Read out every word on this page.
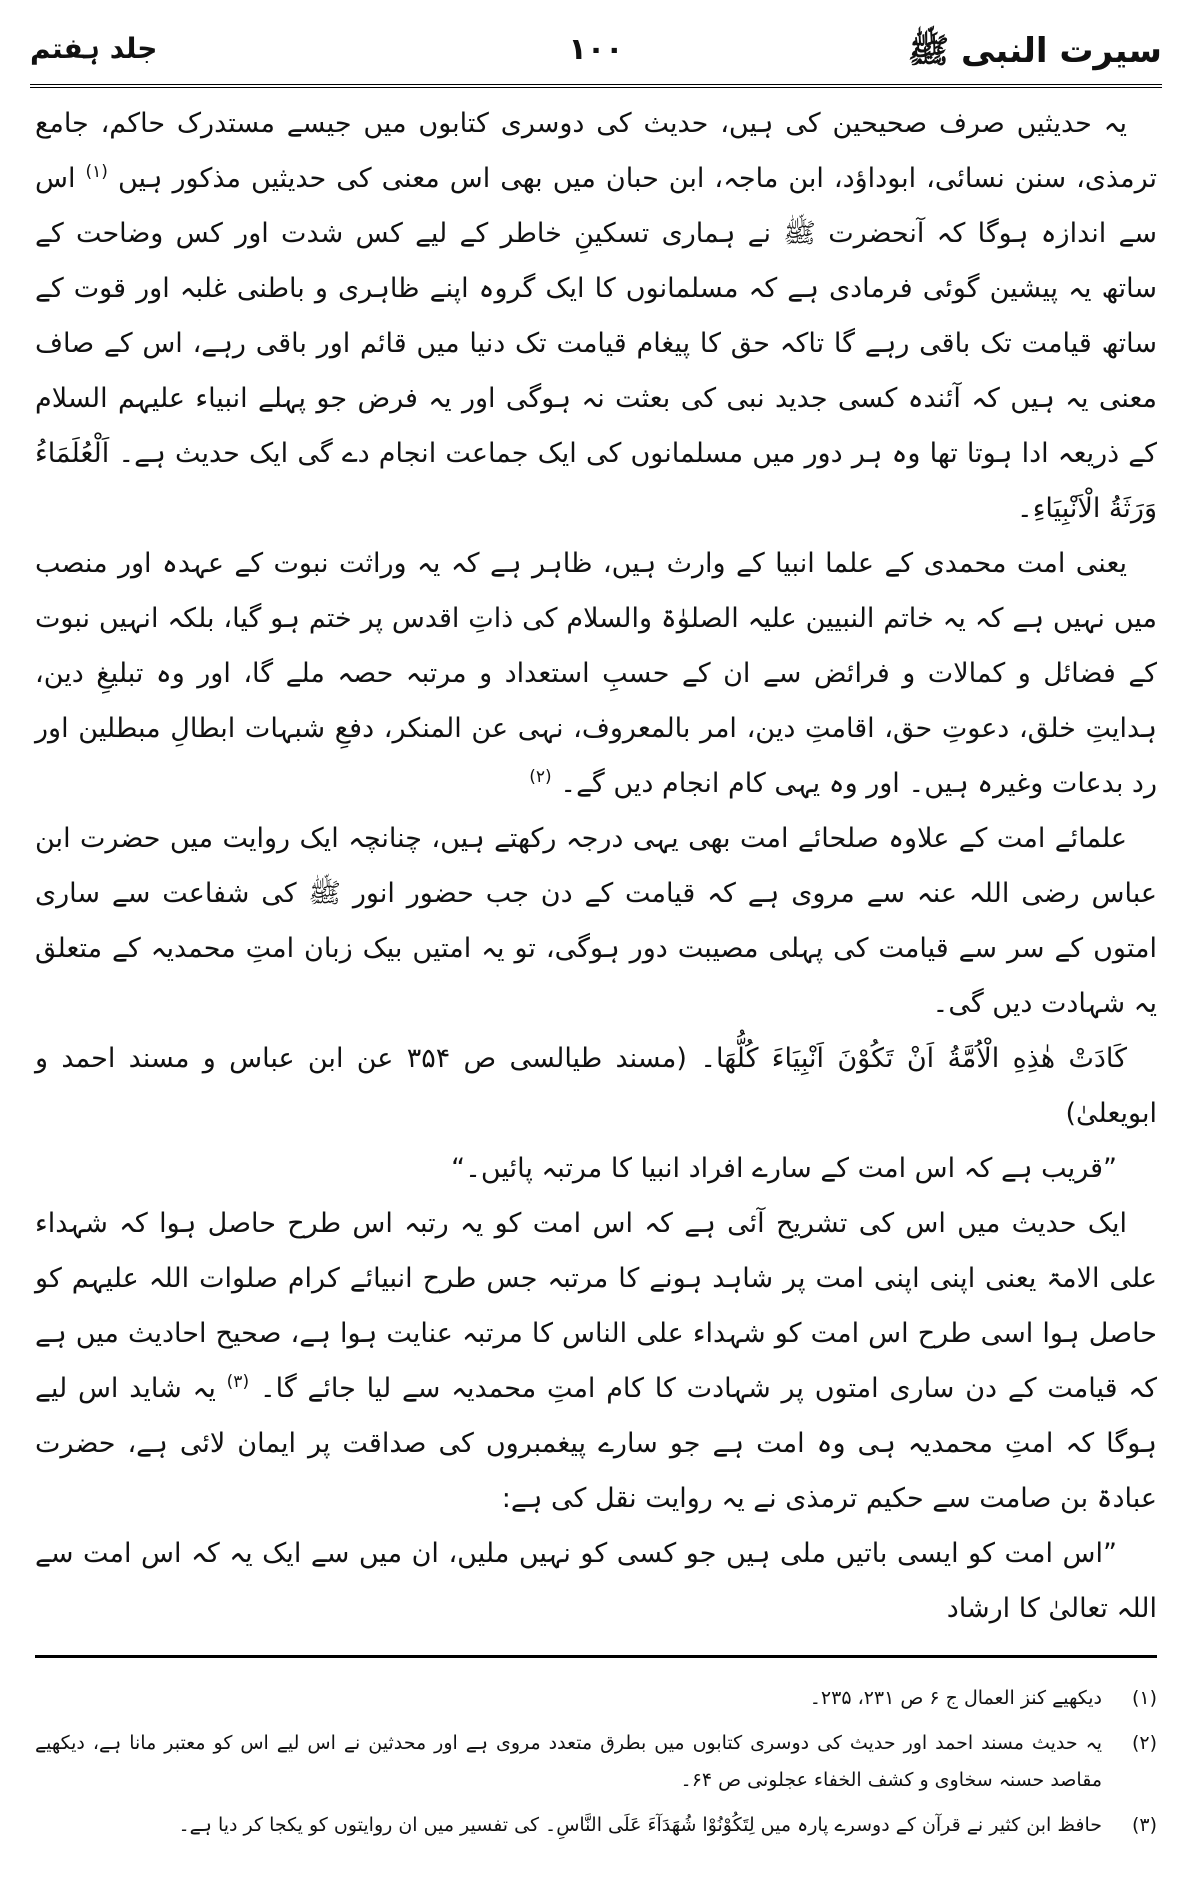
سیرت النبی ﷺ
۱۰۰
جلد ہفتم

یہ حدیثیں صرف صحیحین کی ہیں، حدیث کی دوسری کتابوں میں جیسے مستدرک حاکم، جامع ترمذی، سنن نسائی، ابوداؤد، ابن ماجہ، ابن حبان میں بھی اس معنی کی حدیثیں مذکور ہیں $^{(۱)}$ اس سے اندازہ ہوگا کہ آنحضرت ﷺ نے ہماری تسکینِ خاطر کے لیے کس شدت اور کس وضاحت کے ساتھ یہ پیشین گوئی فرمادی ہے کہ مسلمانوں کا ایک گروہ اپنے ظاہری و باطنی غلبہ اور قوت کے ساتھ قیامت تک باقی رہے گا تاکہ حق کا پیغام قیامت تک دنیا میں قائم اور باقی رہے، اس کے صاف معنی یہ ہیں کہ آئندہ کسی جدید نبی کی بعثت نہ ہوگی اور یہ فرض جو پہلے انبیاء علیہم السلام کے ذریعہ ادا ہوتا تھا وہ ہر دور میں مسلمانوں کی ایک جماعت انجام دے گی ایک حدیث ہے۔ اَلْعُلَمَاءُ وَرَثَةُ الْاَنْبِيَاءِ۔

یعنی امت محمدی کے علما انبیا کے وارث ہیں، ظاہر ہے کہ یہ وراثت نبوت کے عہدہ اور منصب میں نہیں ہے کہ یہ خاتم النبیین علیہ الصلوٰۃ والسلام کی ذاتِ اقدس پر ختم ہو گیا، بلکہ انہیں نبوت کے فضائل و کمالات و فرائض سے ان کے حسبِ استعداد و مرتبہ حصہ ملے گا، اور وہ تبلیغِ دین، ہدایتِ خلق، دعوتِ حق، اقامتِ دین، امر بالمعروف، نہی عن المنکر، دفعِ شبہات ابطالِ مبطلین اور رد بدعات وغیرہ ہیں۔ اور وہ یہی کام انجام دیں گے۔ $^{(۲)}$

علمائے امت کے علاوہ صلحائے امت بھی یہی درجہ رکھتے ہیں، چنانچہ ایک روایت میں حضرت ابن عباس رضی اللہ عنہ سے مروی ہے کہ قیامت کے دن جب حضور انور ﷺ کی شفاعت سے ساری امتوں کے سر سے قیامت کی پہلی مصیبت دور ہوگی، تو یہ امتیں بیک زبان امتِ محمدیہ کے متعلق یہ شہادت دیں گی۔

كَادَتْ هٰذِهِ الْاُمَّةُ اَنْ تَكُوْنَ اَنْبِيَاءَ كُلُّهَا۔ (مسند طیالسی ص ۳۵۴ عن ابن عباس و مسند احمد و ابویعلیٰ)

”قریب ہے کہ اس امت کے سارے افراد انبیا کا مرتبہ پائیں۔“

ایک حدیث میں اس کی تشریح آئی ہے کہ اس امت کو یہ رتبہ اس طرح حاصل ہوا کہ شہداء علی الامۃ یعنی اپنی اپنی امت پر شاہد ہونے کا مرتبہ جس طرح انبیائے کرام صلوات اللہ علیہم کو حاصل ہوا اسی طرح اس امت کو شہداء علی الناس کا مرتبہ عنایت ہوا ہے، صحیح احادیث میں ہے کہ قیامت کے دن ساری امتوں پر شہادت کا کام امتِ محمدیہ سے لیا جائے گا۔ $^{(۳)}$ یہ شاید اس لیے ہوگا کہ امتِ محمدیہ ہی وہ امت ہے جو سارے پیغمبروں کی صداقت پر ایمان لائی ہے، حضرت عبادۃ بن صامت سے حکیم ترمذی نے یہ روایت نقل کی ہے:

”اس امت کو ایسی باتیں ملی ہیں جو کسی کو نہیں ملیں، ان میں سے ایک یہ کہ اس امت سے اللہ تعالیٰ کا ارشاد

(۱)
دیکھیے کنز العمال ج ۶ ص ۲۳۱، ۲۳۵۔
(۲)
یہ حدیث مسند احمد اور حدیث کی دوسری کتابوں میں بطرق متعدد مروی ہے اور محدثین نے اس لیے اس کو معتبر مانا ہے، دیکھیے مقاصد حسنہ سخاوی و کشف الخفاء عجلونی ص ۶۴۔
(۳)
حافظ ابن کثیر نے قرآن کے دوسرے پارہ میں لِتَكُوْنُوْا شُهَدَآءَ عَلَى النَّاسِ۔ کی تفسیر میں ان روایتوں کو یکجا کر دیا ہے۔
